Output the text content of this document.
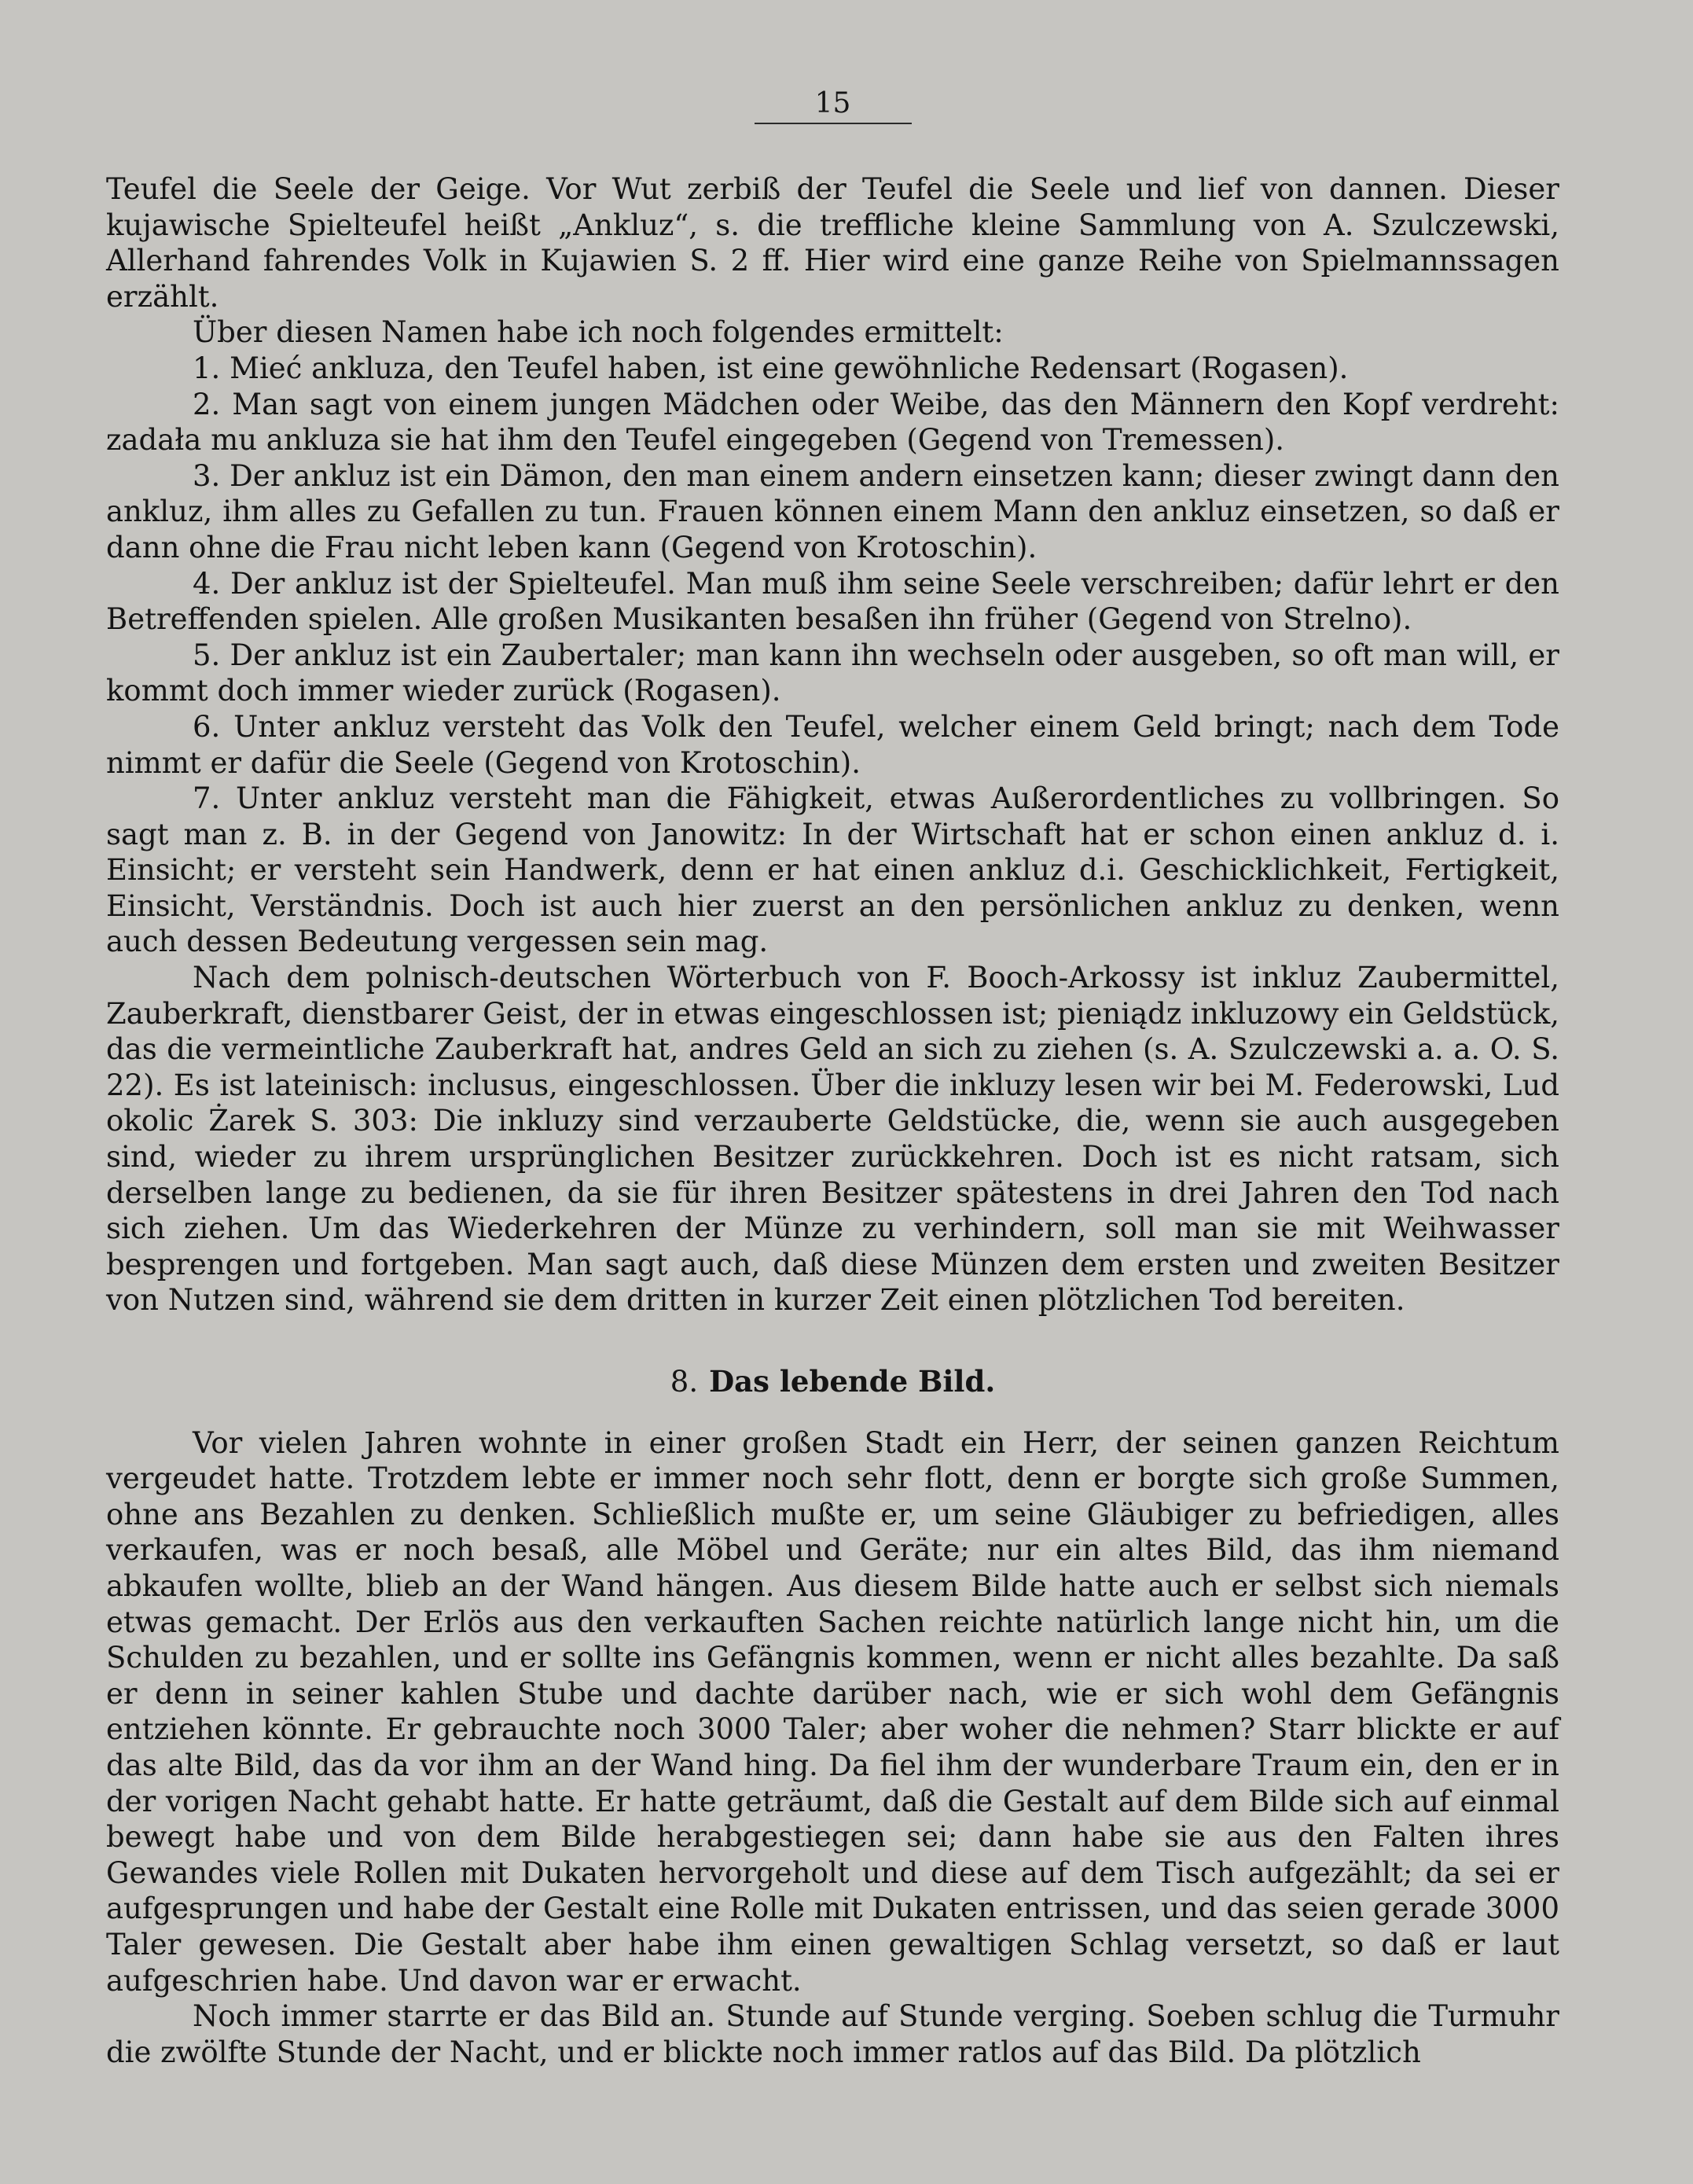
15

Teufel die Seele der Geige. Vor Wut zerbiß der Teufel die Seele und lief von dannen. Dieser kujawische Spielteufel heißt „Ankluz“, s. die treffliche kleine Sammlung von A. Szulczewski, Allerhand fahrendes Volk in Kujawien S. 2 ff. Hier wird eine ganze Reihe von Spielmannssagen erzählt.

Über diesen Namen habe ich noch folgendes ermittelt:

1. Mieć ankluza, den Teufel haben, ist eine gewöhnliche Redensart (Rogasen).

2. Man sagt von einem jungen Mädchen oder Weibe, das den Männern den Kopf verdreht: zadała mu ankluza sie hat ihm den Teufel eingegeben (Gegend von Tremessen).

3. Der ankluz ist ein Dämon, den man einem andern einsetzen kann; dieser zwingt dann den ankluz, ihm alles zu Gefallen zu tun. Frauen können einem Mann den ankluz einsetzen, so daß er dann ohne die Frau nicht leben kann (Gegend von Krotoschin).

4. Der ankluz ist der Spielteufel. Man muß ihm seine Seele verschreiben; dafür lehrt er den Betreffenden spielen. Alle großen Musikanten besaßen ihn früher (Gegend von Strelno).

5. Der ankluz ist ein Zaubertaler; man kann ihn wechseln oder ausgeben, so oft man will, er kommt doch immer wieder zurück (Rogasen).

6. Unter ankluz versteht das Volk den Teufel, welcher einem Geld bringt; nach dem Tode nimmt er dafür die Seele (Gegend von Krotoschin).

7. Unter ankluz versteht man die Fähigkeit, etwas Außerordentliches zu vollbringen. So sagt man z. B. in der Gegend von Janowitz: In der Wirtschaft hat er schon einen ankluz d. i. Einsicht; er versteht sein Handwerk, denn er hat einen ankluz d.i. Geschicklichkeit, Fertigkeit, Einsicht, Verständnis. Doch ist auch hier zuerst an den persönlichen ankluz zu denken, wenn auch dessen Bedeutung vergessen sein mag.

Nach dem polnisch-deutschen Wörterbuch von F. Booch-Arkossy ist inkluz Zaubermittel, Zauberkraft, dienstbarer Geist, der in etwas eingeschlossen ist; pieniądz inkluzowy ein Geldstück, das die vermeintliche Zauberkraft hat, andres Geld an sich zu ziehen (s. A. Szulczewski a. a. O. S. 22). Es ist lateinisch: inclusus, eingeschlossen. Über die inkluzy lesen wir bei M. Federowski, Lud okolic Żarek S. 303: Die inkluzy sind verzauberte Geldstücke, die, wenn sie auch ausgegeben sind, wieder zu ihrem ursprünglichen Besitzer zurückkehren. Doch ist es nicht ratsam, sich derselben lange zu bedienen, da sie für ihren Besitzer spätestens in drei Jahren den Tod nach sich ziehen. Um das Wiederkehren der Münze zu verhindern, soll man sie mit Weihwasser besprengen und fortgeben. Man sagt auch, daß diese Münzen dem ersten und zweiten Besitzer von Nutzen sind, während sie dem dritten in kurzer Zeit einen plötzlichen Tod bereiten.

8. Das lebende Bild.

Vor vielen Jahren wohnte in einer großen Stadt ein Herr, der seinen ganzen Reichtum vergeudet hatte. Trotzdem lebte er immer noch sehr flott, denn er borgte sich große Summen, ohne ans Bezahlen zu denken. Schließlich mußte er, um seine Gläubiger zu befriedigen, alles verkaufen, was er noch besaß, alle Möbel und Geräte; nur ein altes Bild, das ihm niemand abkaufen wollte, blieb an der Wand hängen. Aus diesem Bilde hatte auch er selbst sich niemals etwas gemacht. Der Erlös aus den verkauften Sachen reichte natürlich lange nicht hin, um die Schulden zu bezahlen, und er sollte ins Gefängnis kommen, wenn er nicht alles bezahlte. Da saß er denn in seiner kahlen Stube und dachte darüber nach, wie er sich wohl dem Gefängnis entziehen könnte. Er gebrauchte noch 3000 Taler; aber woher die nehmen? Starr blickte er auf das alte Bild, das da vor ihm an der Wand hing. Da fiel ihm der wunderbare Traum ein, den er in der vorigen Nacht gehabt hatte. Er hatte geträumt, daß die Gestalt auf dem Bilde sich auf einmal bewegt habe und von dem Bilde herabgestiegen sei; dann habe sie aus den Falten ihres Gewandes viele Rollen mit Dukaten hervorgeholt und diese auf dem Tisch aufgezählt; da sei er aufgesprungen und habe der Gestalt eine Rolle mit Dukaten entrissen, und das seien gerade 3000 Taler gewesen. Die Gestalt aber habe ihm einen gewaltigen Schlag versetzt, so daß er laut aufgeschrien habe. Und davon war er erwacht.

Noch immer starrte er das Bild an. Stunde auf Stunde verging. Soeben schlug die Turmuhr die zwölfte Stunde der Nacht, und er blickte noch immer ratlos auf das Bild. Da plötzlich
